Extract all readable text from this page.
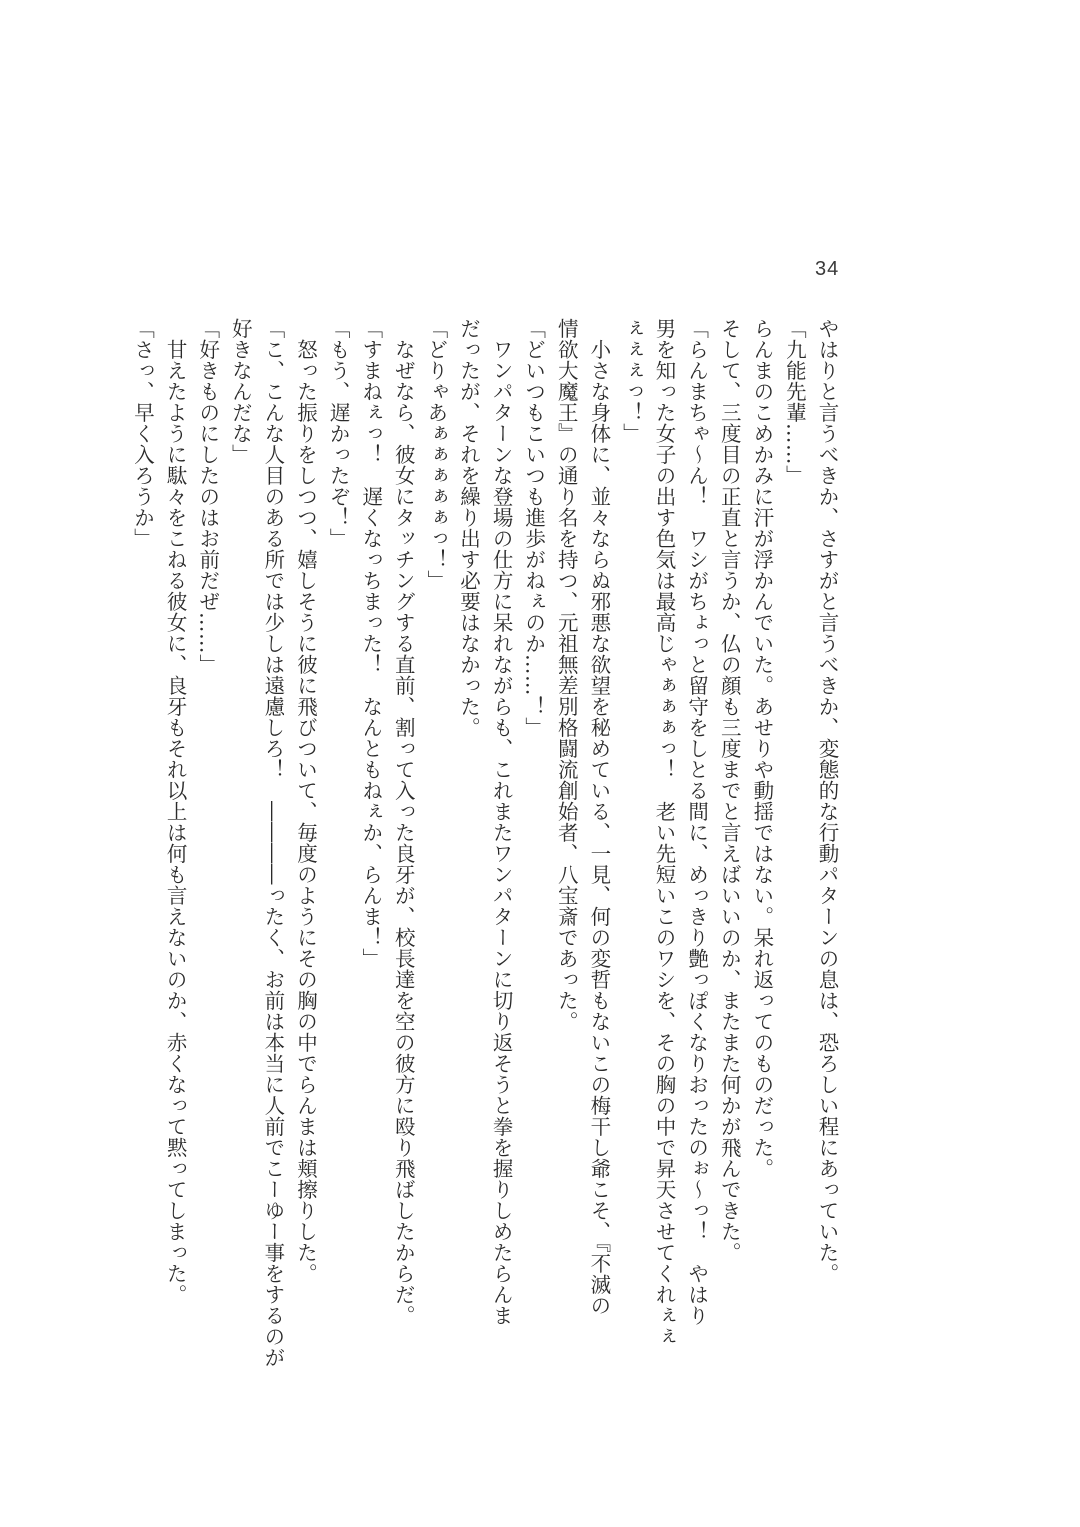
34
やはりと言うべきか、さすがと言うべきか、変態的な行動パターンの息は、恐ろしい程にあっていた。
「九能先輩……」
らんまのこめかみに汗が浮かんでいた。あせりや動揺ではない。呆れ返ってのものだった。
そして、三度目の正直と言うか、仏の顔も三度までと言えばいいのか、またまた何かが飛んできた。
「らんまちゃ〜ん！　ワシがちょっと留守をしとる間に、めっきり艶っぽくなりおったのぉ〜っ！　やはり
男を知った女子の出す色気は最高じゃぁぁぁっ！　老い先短いこのワシを、その胸の中で昇天させてくれぇぇ
ぇぇぇっ！」
　小さな身体に、並々ならぬ邪悪な欲望を秘めている、一見、何の変哲もないこの梅干し爺こそ、『不滅の
情欲大魔王』の通り名を持つ、元祖無差別格闘流創始者、八宝斎であった。
「どいつもこいつも進歩がねぇのか……！」
　ワンパターンな登場の仕方に呆れながらも、これまたワンパターンに切り返そうと拳を握りしめたらんま
だったが、それを繰り出す必要はなかった。
「どりゃあぁぁぁぁぁっ！」
　なぜなら、彼女にタッチングする直前、割って入った良牙が、校長達を空の彼方に殴り飛ばしたからだ。
「すまねぇっ！　遅くなっちまった！　なんともねぇか、らんま！」
「もう、遅かったぞ！」
　怒った振りをしつつ、嬉しそうに彼に飛びついて、毎度のようにその胸の中でらんまは頬擦りした。
「こ、こんな人目のある所では少しは遠慮しろ！　――――ったく、お前は本当に人前でこーゆー事をするのが
好きなんだな」
「好きものにしたのはお前だぜ……」
　甘えたように駄々をこねる彼女に、良牙もそれ以上は何も言えないのか、赤くなって黙ってしまった。
「さっ、早く入ろうか」
